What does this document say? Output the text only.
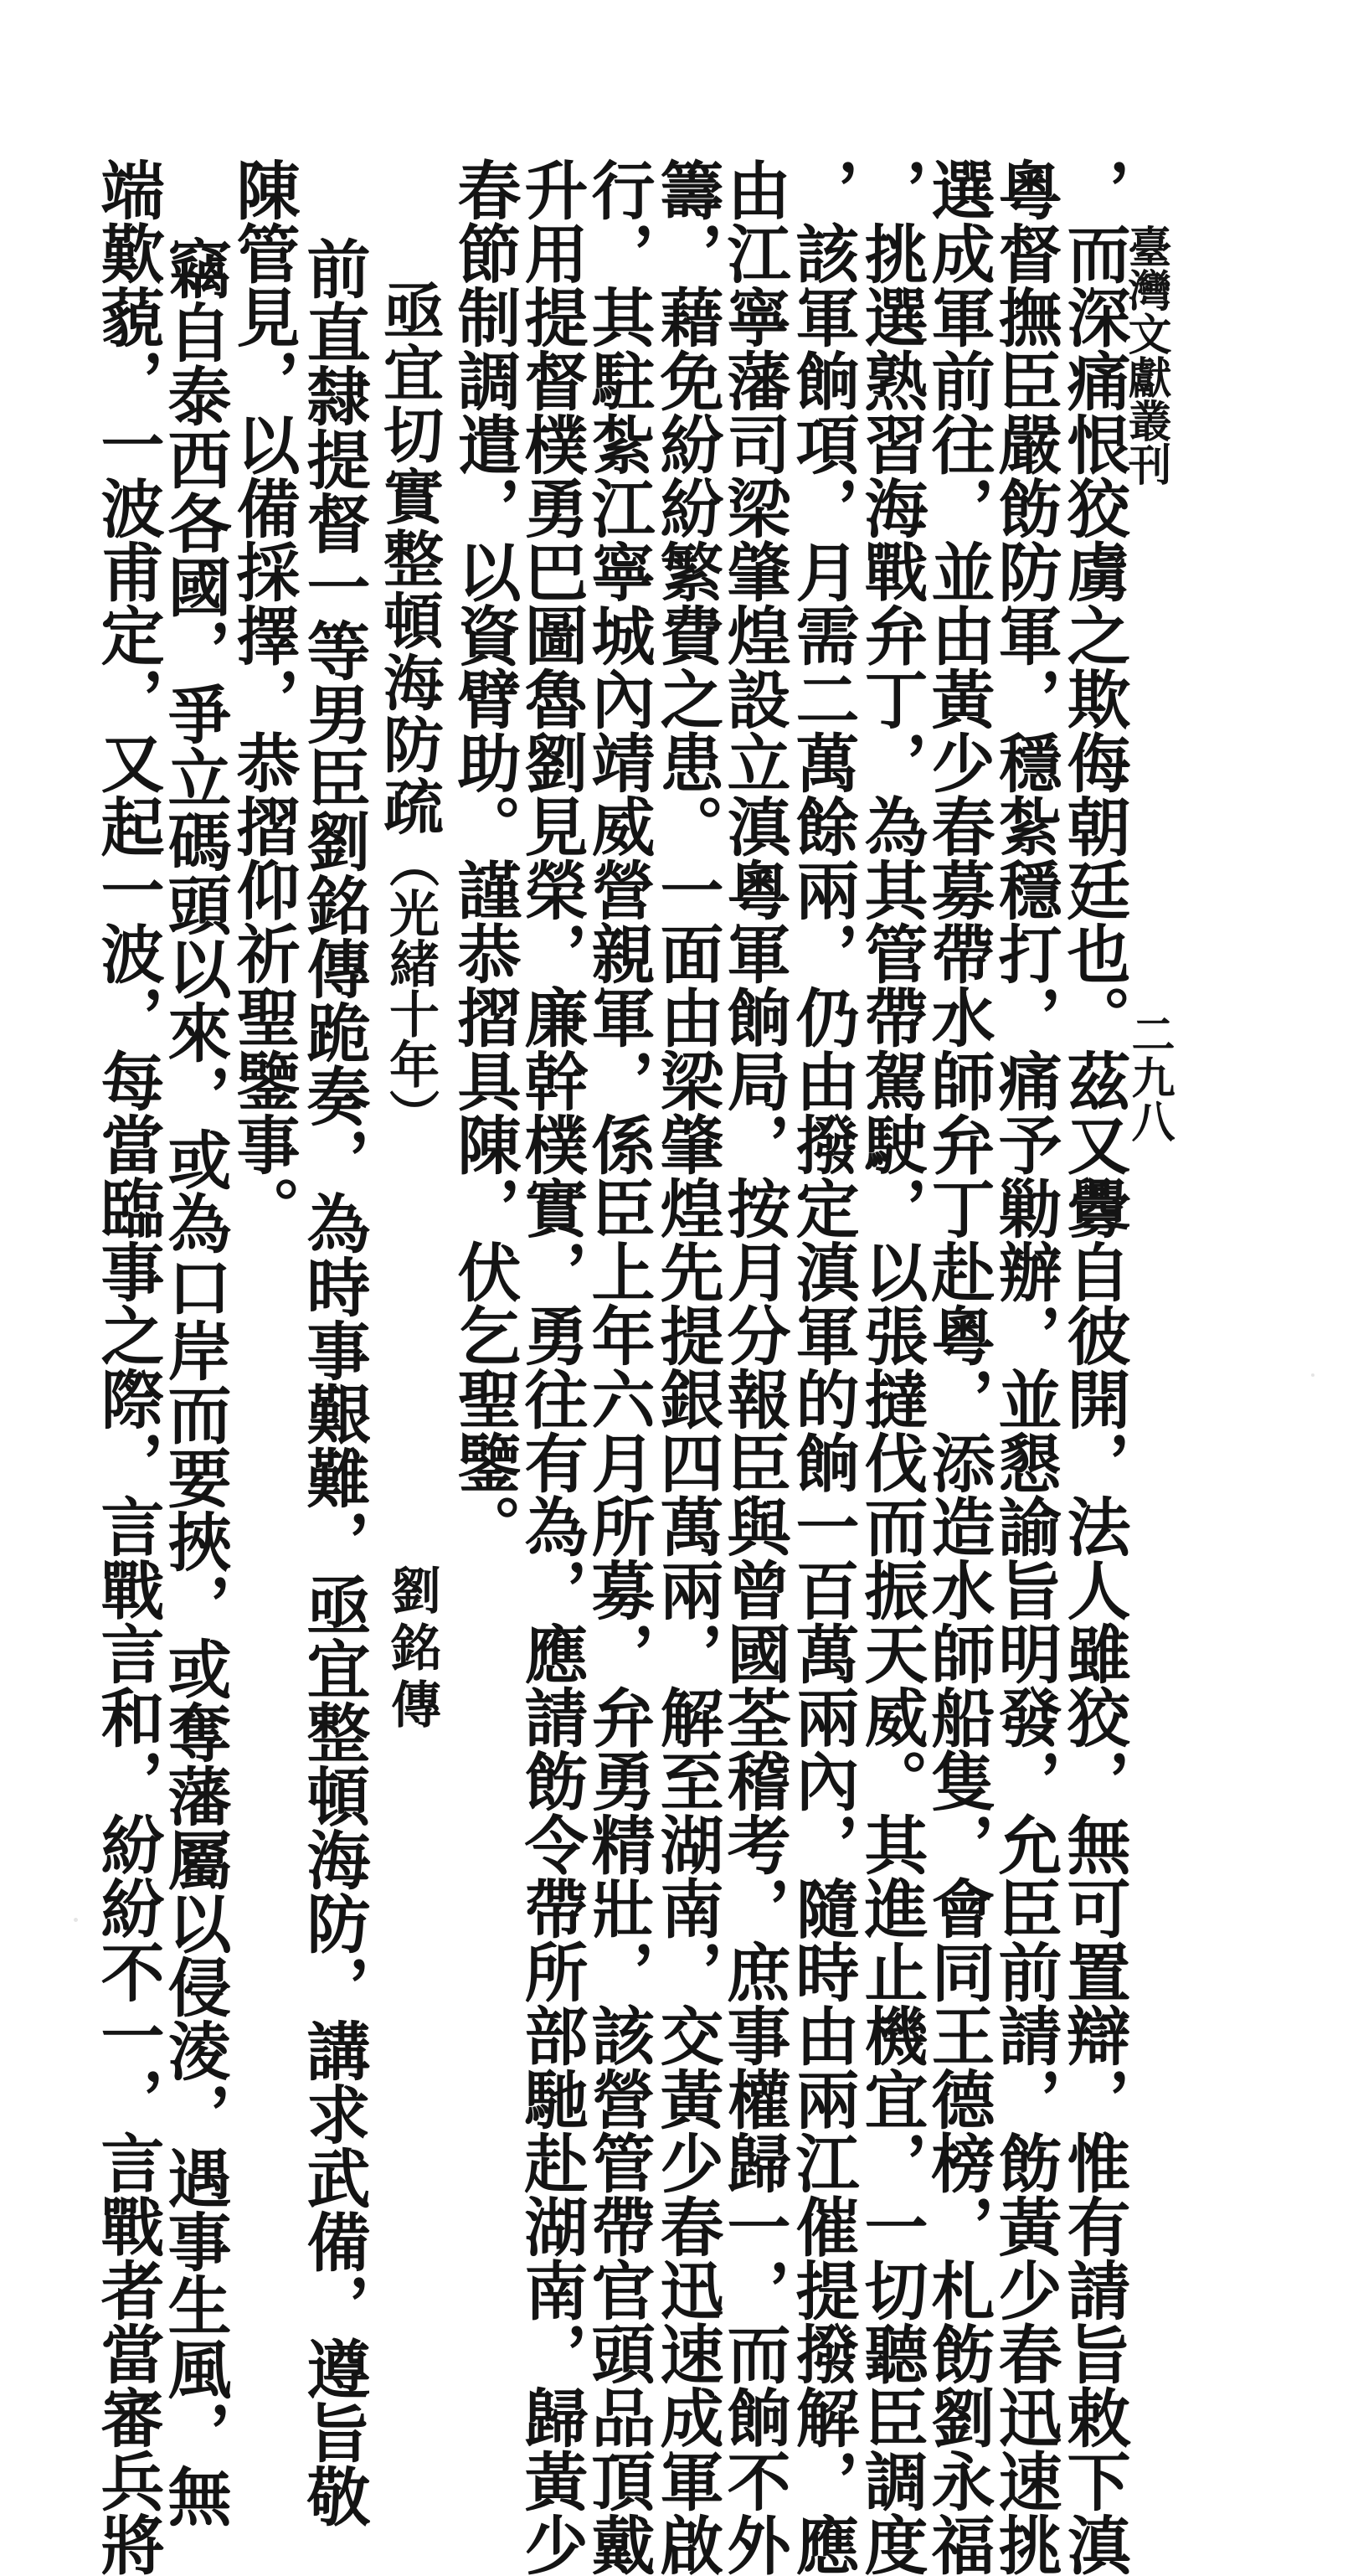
臺灣文獻叢刊
二九八
，而深痛恨狡虜之欺侮朝廷也。茲又釁自彼開，法人雖狡，無可置辯，惟有請旨敕下滇
粵督撫臣嚴飭防軍，穩紮穩打，痛予勦辦，並懇諭旨明發，允臣前請，飭黃少春迅速挑
選成軍前往，並由黃少春募帶水師弁丁赴粵，添造水師船隻，會同王德榜，札飭劉永福
，挑選熟習海戰弁丁，為其管帶駕駛，以張撻伐而振天威。其進止機宜，一切聽臣調度
，該軍餉項，月需二萬餘兩，仍由撥定滇軍的餉一百萬兩內，隨時由兩江催提撥解，應
由江寧藩司梁肇煌設立滇粵軍餉局，按月分報臣與曾國荃稽考，庶事權歸一，而餉不外
籌，藉免紛紛繁費之患。一面由梁肇煌先提銀四萬兩，解至湖南，交黃少春迅速成軍啟
行，其駐紮江寧城內靖威營親軍，係臣上年六月所募，弁勇精壯，該營管帶官頭品頂戴
升用提督樸勇巴圖魯劉見榮，廉幹樸實，勇往有為，應請飭令帶所部馳赴湖南，歸黃少
春節制調遣，以資臂助。謹恭摺具陳，伏乞聖鑒。
亟宜切實整頓海防疏
（光緒十年）
劉銘傳
前直隸提督一等男臣劉銘傳跪奏，為時事艱難，亟宜整頓海防，講求武備，遵旨敬
陳管見，以備採擇，恭摺仰祈聖鑒事。
竊自泰西各國，爭立碼頭以來，或為口岸而要挾，或奪藩屬以侵淩，遇事生風，無
端歎藐，一波甫定，又起一波，每當臨事之際，言戰言和，紛紛不一，言戰者當審兵將
